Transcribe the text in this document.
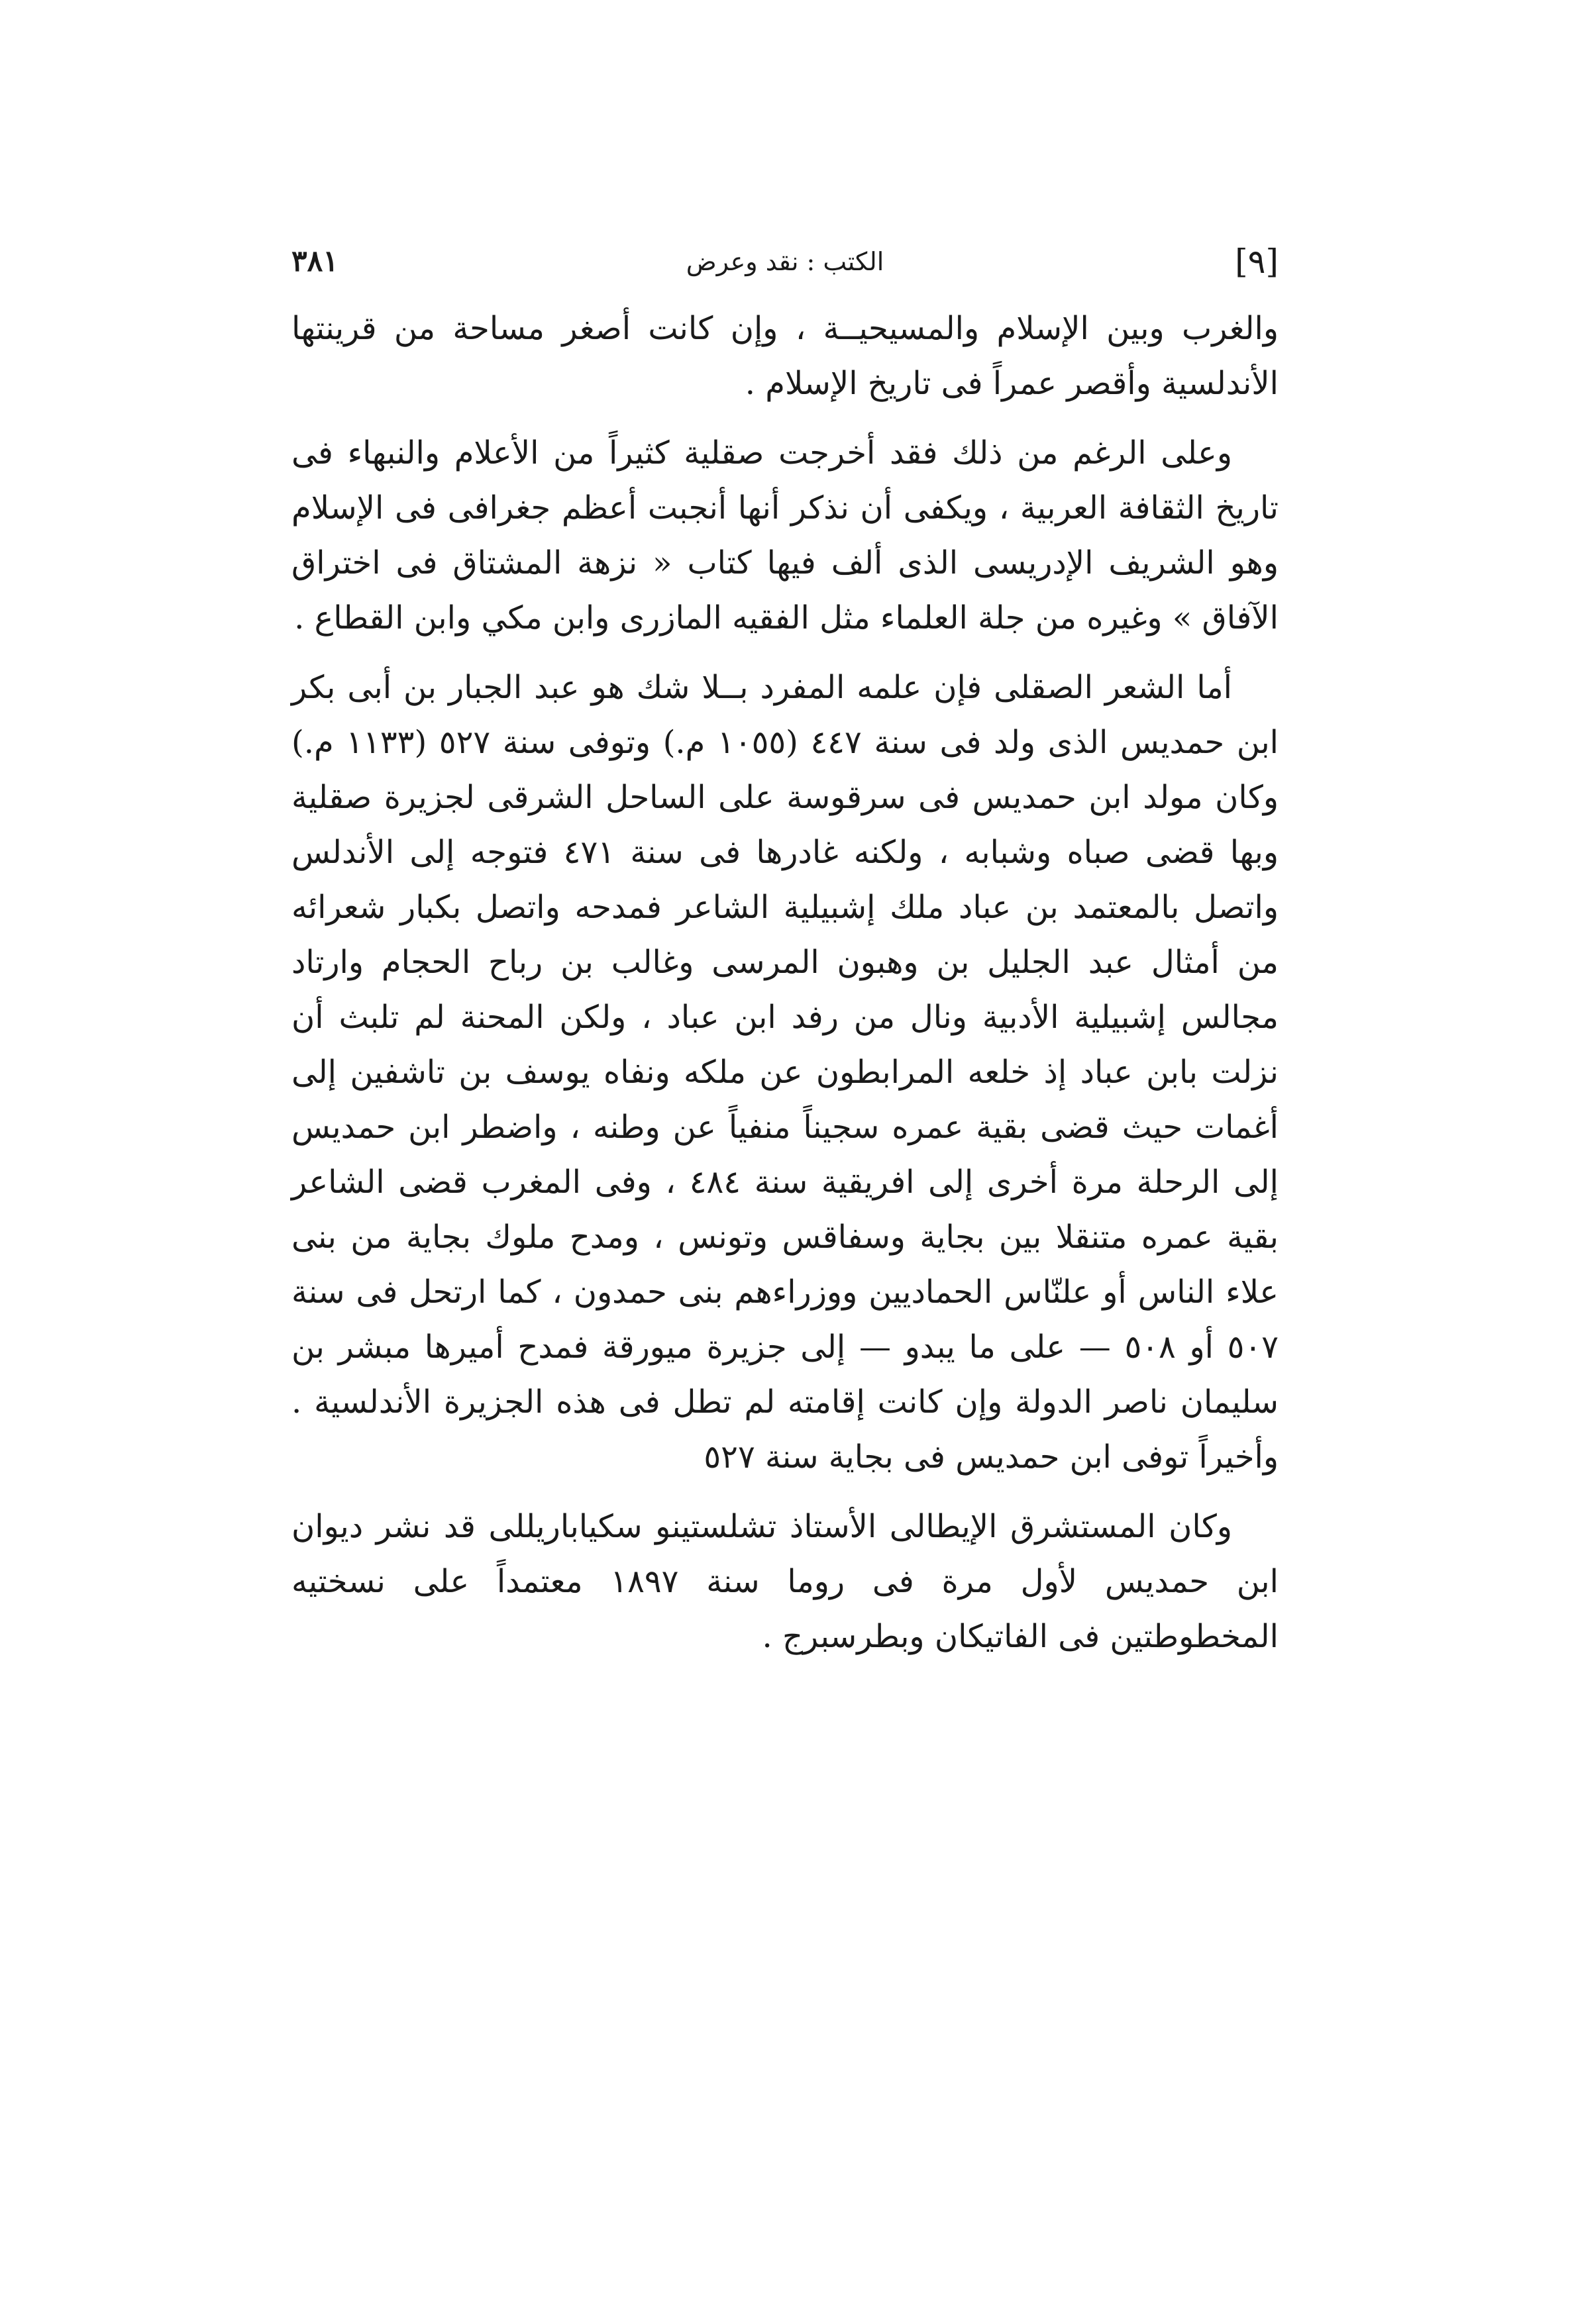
٣٨١	الكتب : نقد وعرض	[٩]

والغرب وبين الإسلام والمسيحيــة ، وإن كانت أصغر مساحة من قرينتها الأندلسية وأقصر عمراً فى تاريخ الإسلام .

وعلى الرغم من ذلك فقد أخرجت صقلية كثيراً من الأعلام والنبهاء فى تاريخ الثقافة العربية ، ويكفى أن نذكر أنها أنجبت أعظم جغرافى فى الإسلام وهو الشريف الإدريسى الذى ألف فيها كتاب « نزهة المشتاق فى اختراق الآفاق » وغيره من جلة العلماء مثل الفقيه المازرى وابن مكي وابن القطاع .

أما الشعر الصقلى فإن علمه المفرد بــلا شك هو عبد الجبار بن أبى بكر ابن حمديس الذى ولد فى سنة ٤٤٧ (١٠٥٥ م.) وتوفى سنة ٥٢٧ (١١٣٣ م.) وكان مولد ابن حمديس فى سرقوسة على الساحل الشرقى لجزيرة صقلية وبها قضى صباه وشبابه ، ولكنه غادرها فى سنة ٤٧١ فتوجه إلى الأندلس واتصل بالمعتمد بن عباد ملك إشبيلية الشاعر فمدحه واتصل بكبار شعرائه من أمثال عبد الجليل بن وهبون المرسى وغالب بن رباح الحجام وارتاد مجالس إشبيلية الأدبية ونال من رفد ابن عباد ، ولكن المحنة لم تلبث أن نزلت بابن عباد إذ خلعه المرابطون عن ملكه ونفاه يوسف بن تاشفين إلى أغمات حيث قضى بقية عمره سجيناً منفياً عن وطنه ، واضطر ابن حمديس إلى الرحلة مرة أخرى إلى افريقية سنة ٤٨٤ ، وفى المغرب قضى الشاعر بقية عمره متنقلا بين بجاية وسفاقس وتونس ، ومدح ملوك بجاية من بنى علاء الناس أو علنّاس الحماديين ووزراءهم بنى حمدون ، كما ارتحل فى سنة ٥٠٧ أو ٥٠٨ — على ما يبدو — إلى جزيرة ميورقة فمدح أميرها مبشر بن سليمان ناصر الدولة وإن كانت إقامته لم تطل فى هذه الجزيرة الأندلسية . وأخيراً توفى ابن حمديس فى بجاية سنة ٥٢٧

وكان المستشرق الإيطالى الأستاذ تشلستينو سكياباريللى قد نشر ديوان ابن حمديس لأول مرة فى روما سنة ١٨٩٧ معتمداً على نسختيه المخطوطتين فى الفاتيكان وبطرسبرج .
